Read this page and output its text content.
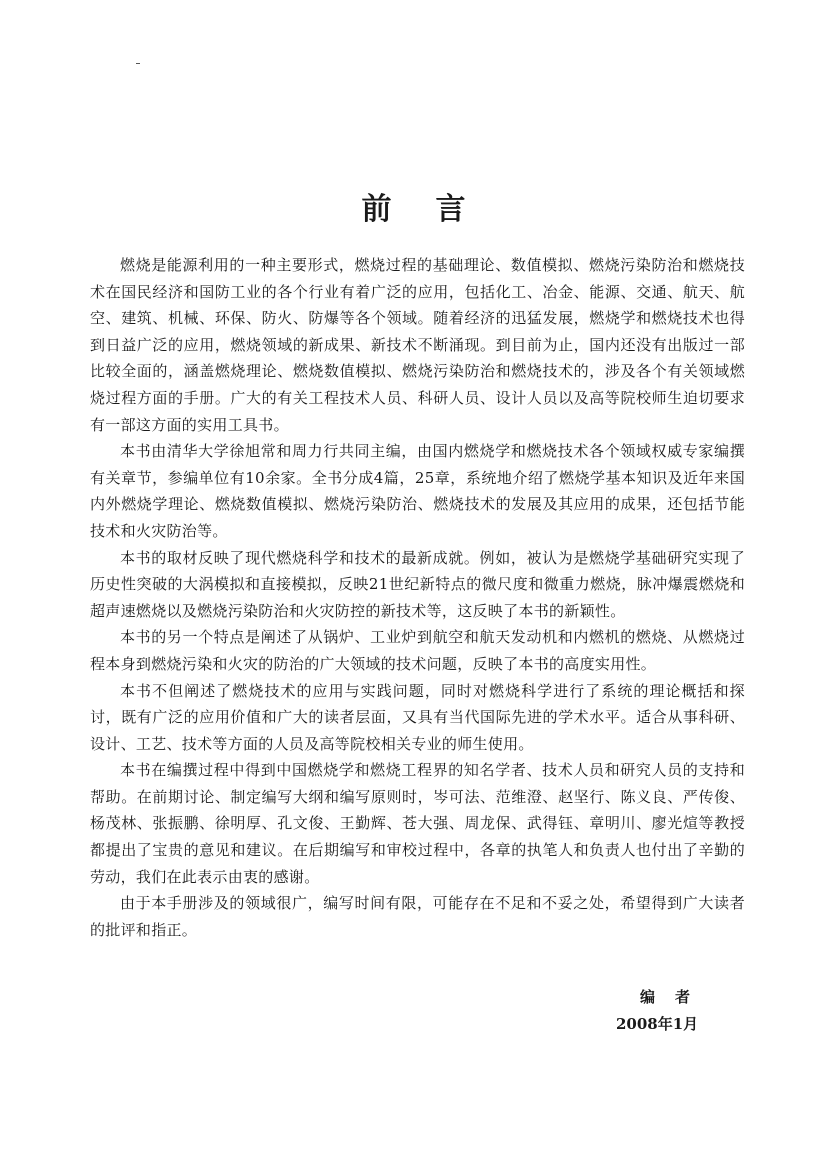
前言

燃烧是能源利用的一种主要形式，燃烧过程的基础理论、数值模拟、燃烧污染防治和燃烧技术在国民经济和国防工业的各个行业有着广泛的应用，包括化工、冶金、能源、交通、航天、航空、建筑、机械、环保、防火、防爆等各个领域。随着经济的迅猛发展，燃烧学和燃烧技术也得到日益广泛的应用，燃烧领域的新成果、新技术不断涌现。到目前为止，国内还没有出版过一部比较全面的，涵盖燃烧理论、燃烧数值模拟、燃烧污染防治和燃烧技术的，涉及各个有关领域燃烧过程方面的手册。广大的有关工程技术人员、科研人员、设计人员以及高等院校师生迫切要求有一部这方面的实用工具书。

本书由清华大学徐旭常和周力行共同主编，由国内燃烧学和燃烧技术各个领域权威专家编撰有关章节，参编单位有10余家。全书分成4篇，25章，系统地介绍了燃烧学基本知识及近年来国内外燃烧学理论、燃烧数值模拟、燃烧污染防治、燃烧技术的发展及其应用的成果，还包括节能技术和火灾防治等。

本书的取材反映了现代燃烧科学和技术的最新成就。例如，被认为是燃烧学基础研究实现了历史性突破的大涡模拟和直接模拟，反映21世纪新特点的微尺度和微重力燃烧，脉冲爆震燃烧和超声速燃烧以及燃烧污染防治和火灾防控的新技术等，这反映了本书的新颖性。

本书的另一个特点是阐述了从锅炉、工业炉到航空和航天发动机和内燃机的燃烧、从燃烧过程本身到燃烧污染和火灾的防治的广大领域的技术问题，反映了本书的高度实用性。

本书不但阐述了燃烧技术的应用与实践问题，同时对燃烧科学进行了系统的理论概括和探讨，既有广泛的应用价值和广大的读者层面，又具有当代国际先进的学术水平。适合从事科研、设计、工艺、技术等方面的人员及高等院校相关专业的师生使用。

本书在编撰过程中得到中国燃烧学和燃烧工程界的知名学者、技术人员和研究人员的支持和帮助。在前期讨论、制定编写大纲和编写原则时，岑可法、范维澄、赵坚行、陈义良、严传俊、杨茂林、张振鹏、徐明厚、孔文俊、王勤辉、苍大强、周龙保、武得钰、章明川、廖光煊等教授都提出了宝贵的意见和建议。在后期编写和审校过程中，各章的执笔人和负责人也付出了辛勤的劳动，我们在此表示由衷的感谢。

由于本手册涉及的领域很广，编写时间有限，可能存在不足和不妥之处，希望得到广大读者的批评和指正。

编者
2008年1月
